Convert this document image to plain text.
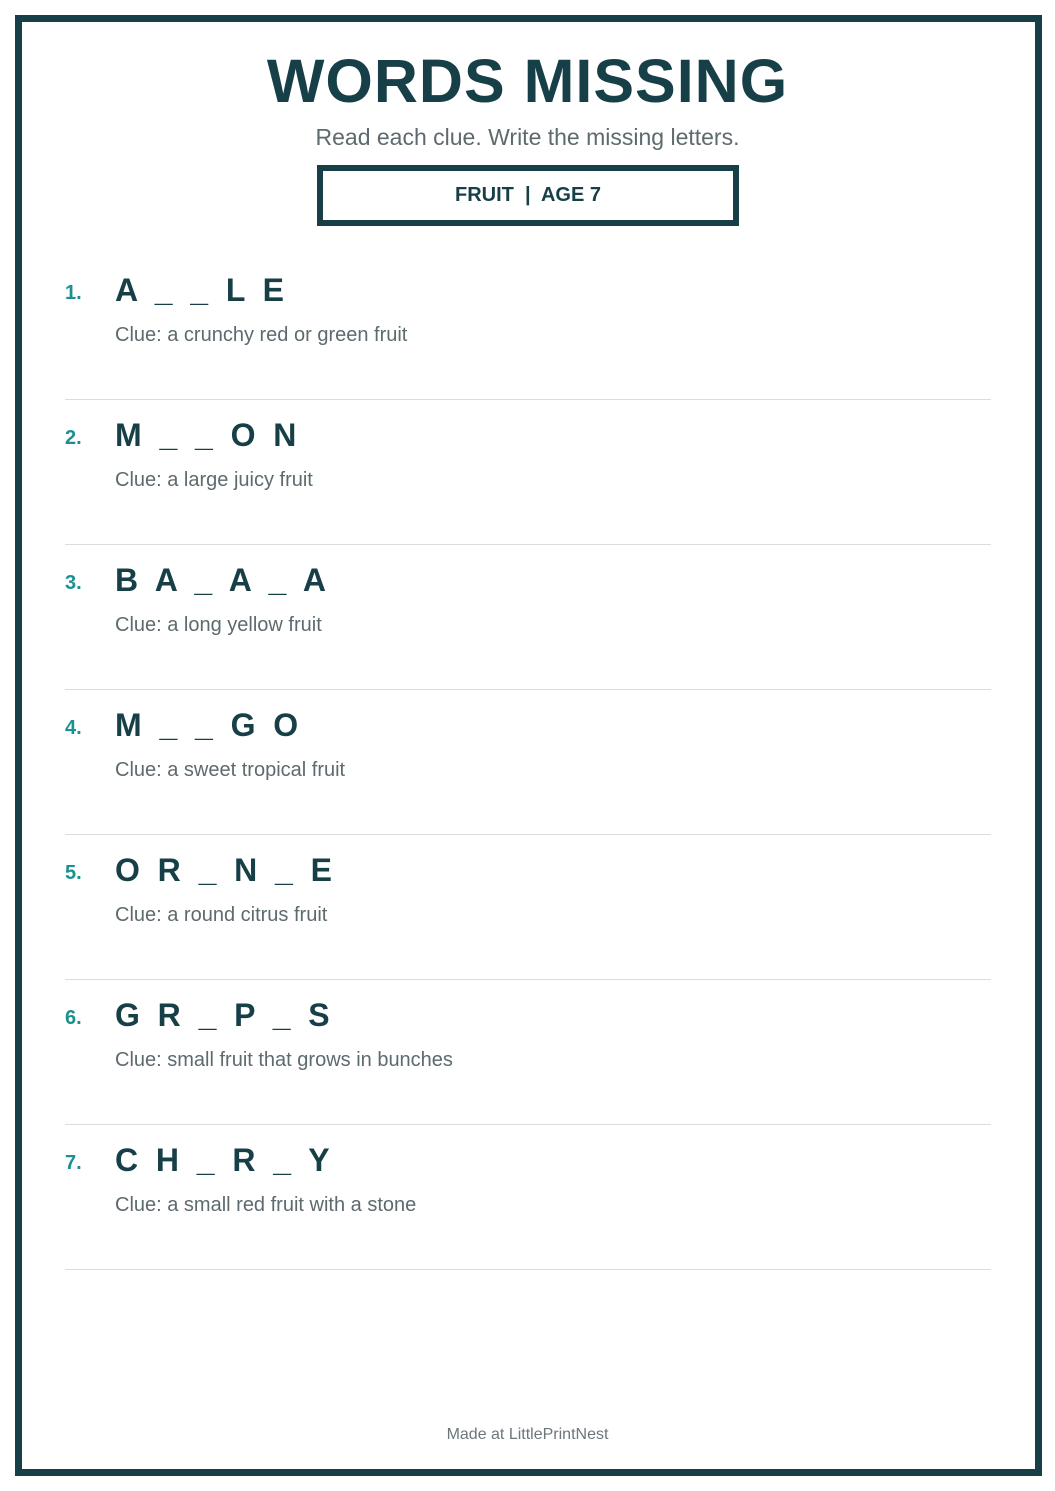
WORDS MISSING
Read each clue. Write the missing letters.
FRUIT  |  AGE 7
1. A  _  _  L  E
Clue: a crunchy red or green fruit
2. M  _  _  O  N
Clue: a large juicy fruit
3. B  A  _  A  _  A
Clue: a long yellow fruit
4. M  _  _  G  O
Clue: a sweet tropical fruit
5. O  R  _  N  _  E
Clue: a round citrus fruit
6. G  R  _  P  _  S
Clue: small fruit that grows in bunches
7. C  H  _  R  _  Y
Clue: a small red fruit with a stone
Made at LittlePrintNest
